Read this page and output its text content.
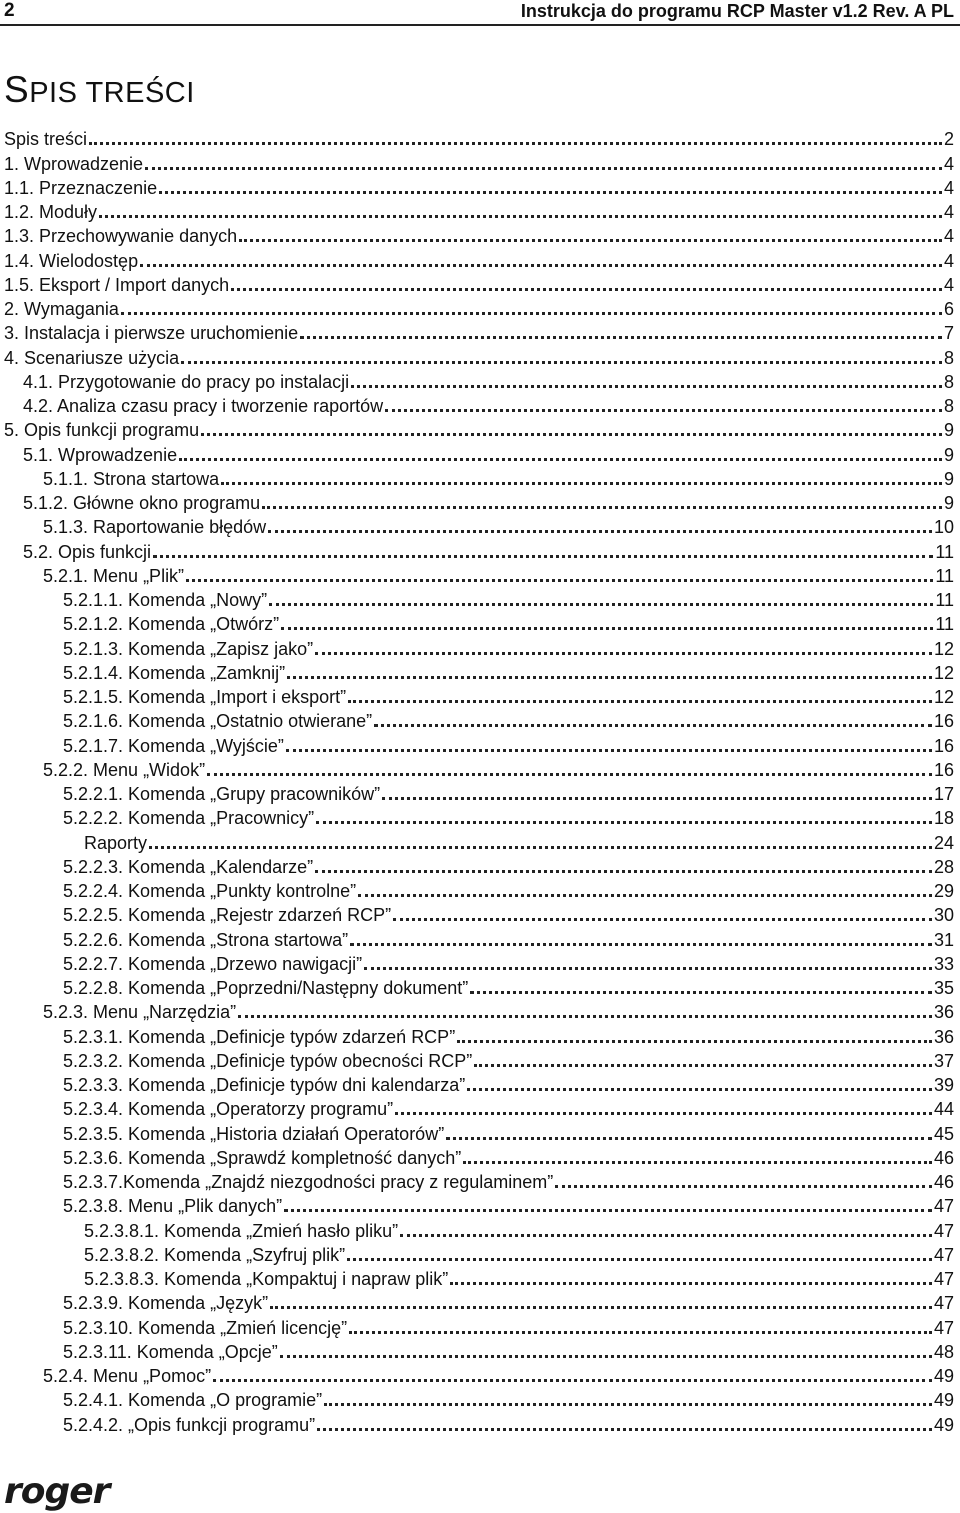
2	Instrukcja do programu RCP Master v1.2 Rev. A PL
SPIS TREŚCI
Spis treści	2
1. Wprowadzenie	4
1.1. Przeznaczenie	4
1.2. Moduły	4
1.3. Przechowywanie danych	4
1.4. Wielodostęp	4
1.5. Eksport / Import danych	4
2. Wymagania	6
3. Instalacja i pierwsze uruchomienie	7
4. Scenariusze użycia	8
4.1. Przygotowanie do pracy po instalacji	8
4.2. Analiza czasu pracy i tworzenie raportów	8
5. Opis funkcji programu	9
5.1. Wprowadzenie	9
5.1.1. Strona startowa	9
5.1.2. Główne okno programu	9
5.1.3. Raportowanie błędów	10
5.2. Opis funkcji	11
5.2.1. Menu „Plik”	11
5.2.1.1. Komenda „Nowy”	11
5.2.1.2. Komenda „Otwórz”	11
5.2.1.3. Komenda „Zapisz jako”	12
5.2.1.4. Komenda „Zamknij”	12
5.2.1.5. Komenda „Import i eksport”	12
5.2.1.6. Komenda „Ostatnio otwierane”	16
5.2.1.7. Komenda „Wyjście”	16
5.2.2. Menu „Widok”	16
5.2.2.1. Komenda „Grupy pracowników”	17
5.2.2.2. Komenda „Pracownicy”	18
Raporty	24
5.2.2.3. Komenda „Kalendarze”	28
5.2.2.4. Komenda „Punkty kontrolne”	29
5.2.2.5. Komenda „Rejestr zdarzeń RCP”	30
5.2.2.6. Komenda „Strona startowa”	31
5.2.2.7. Komenda „Drzewo nawigacji”	33
5.2.2.8. Komenda „Poprzedni/Następny dokument”	35
5.2.3. Menu „Narzędzia”	36
5.2.3.1. Komenda „Definicje typów zdarzeń RCP”	36
5.2.3.2. Komenda „Definicje typów obecności RCP”	37
5.2.3.3. Komenda „Definicje typów dni kalendarza”	39
5.2.3.4. Komenda „Operatorzy programu”	44
5.2.3.5. Komenda „Historia działań Operatorów”	45
5.2.3.6. Komenda „Sprawdź kompletność danych”	46
5.2.3.7.Komenda „Znajdź niezgodności pracy z regulaminem”	46
5.2.3.8. Menu „Plik danych”	47
5.2.3.8.1. Komenda „Zmień hasło pliku”	47
5.2.3.8.2. Komenda „Szyfruj plik”	47
5.2.3.8.3. Komenda „Kompaktuj i napraw plik”	47
5.2.3.9. Komenda „Język”	47
5.2.3.10. Komenda „Zmień licencję”	47
5.2.3.11. Komenda „Opcje”	48
5.2.4. Menu „Pomoc”	49
5.2.4.1. Komenda „O programie”	49
5.2.4.2. „Opis funkcji programu”	49
roger
